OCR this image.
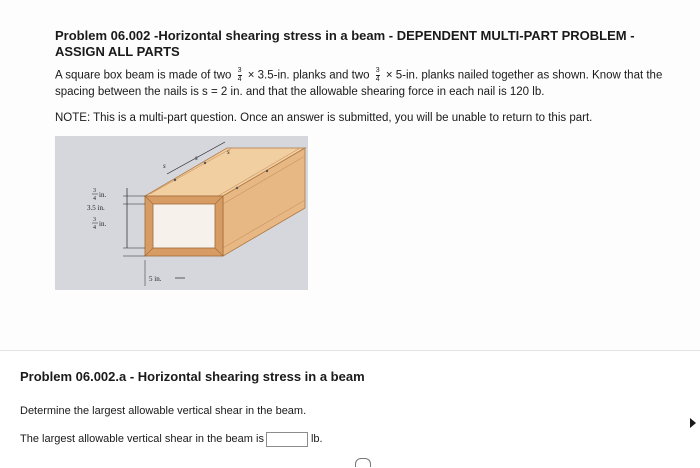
Problem 06.002 -Horizontal shearing stress in a beam - DEPENDENT MULTI-PART PROBLEM - ASSIGN ALL PARTS

A square box beam is made of two $\frac{3}{4} \times 3.5-in$. planks and two $\frac{3}{4} \times 5-in$. planks nailed together as shown. Know that the spacing between the nails is s = 2 in. and that the allowable shearing force in each nail is 120 lb.

NOTE: This is a multi-part question. Once an answer is submitted, you will be unable to return to this part.

s
s
s
3
4 in.
3.5 in.
3
4 in.
5 in.

Problem 06.002.a - Horizontal shearing stress in a beam

Determine the largest allowable vertical shear in the beam.

The largest allowable vertical shear in the beam is	lb.
